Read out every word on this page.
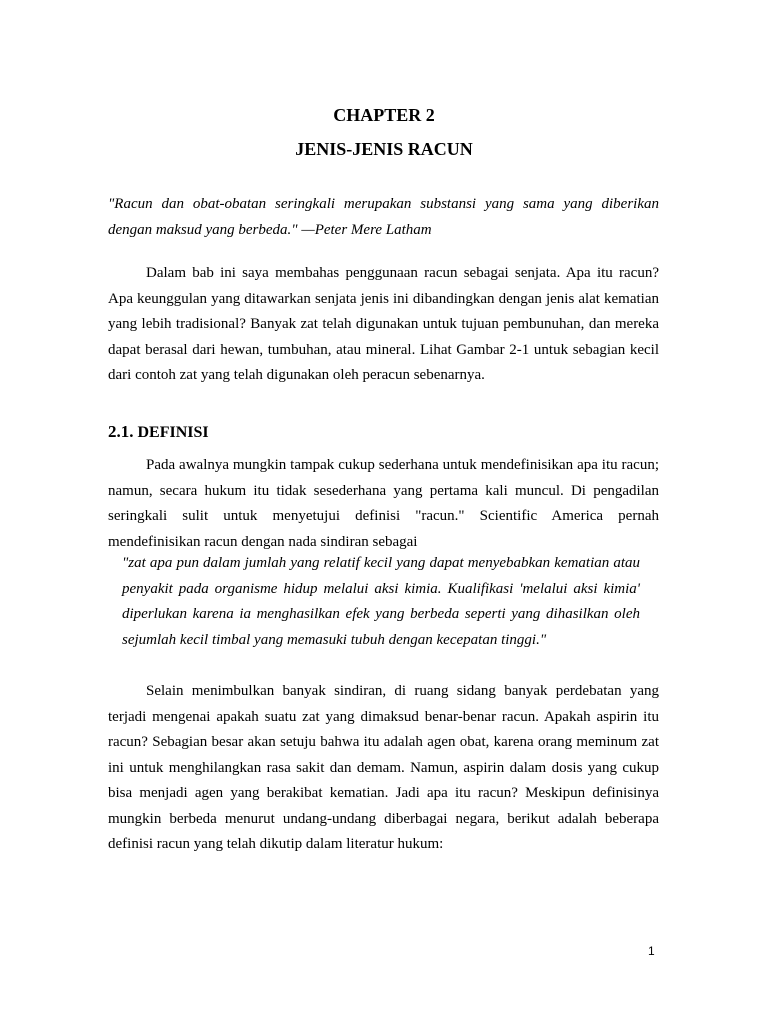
CHAPTER 2
JENIS-JENIS RACUN
"Racun dan obat-obatan seringkali merupakan substansi yang sama yang diberikan dengan maksud yang berbeda." —Peter Mere Latham
Dalam bab ini saya membahas penggunaan racun sebagai senjata. Apa itu racun? Apa keunggulan yang ditawarkan senjata jenis ini dibandingkan dengan jenis alat kematian yang lebih tradisional? Banyak zat telah digunakan untuk tujuan pembunuhan, dan mereka dapat berasal dari hewan, tumbuhan, atau mineral. Lihat Gambar 2-1 untuk sebagian kecil dari contoh zat yang telah digunakan oleh peracun sebenarnya.
2.1. DEFINISI
Pada awalnya mungkin tampak cukup sederhana untuk mendefinisikan apa itu racun; namun, secara hukum itu tidak sesederhana yang pertama kali muncul. Di pengadilan seringkali sulit untuk menyetujui definisi "racun." Scientific America pernah mendefinisikan racun dengan nada sindiran sebagai
"zat apa pun dalam jumlah yang relatif kecil yang dapat menyebabkan kematian atau penyakit pada organisme hidup melalui aksi kimia. Kualifikasi 'melalui aksi kimia' diperlukan karena ia menghasilkan efek yang berbeda seperti yang dihasilkan oleh sejumlah kecil timbal yang memasuki tubuh dengan kecepatan tinggi."
Selain menimbulkan banyak sindiran, di ruang sidang banyak perdebatan yang terjadi mengenai apakah suatu zat yang dimaksud benar-benar racun. Apakah aspirin itu racun? Sebagian besar akan setuju bahwa itu adalah agen obat, karena orang meminum zat ini untuk menghilangkan rasa sakit dan demam. Namun, aspirin dalam dosis yang cukup bisa menjadi agen yang berakibat kematian. Jadi apa itu racun? Meskipun definisinya mungkin berbeda menurut undang-undang diberbagai negara, berikut adalah beberapa definisi racun yang telah dikutip dalam literatur hukum:
1
